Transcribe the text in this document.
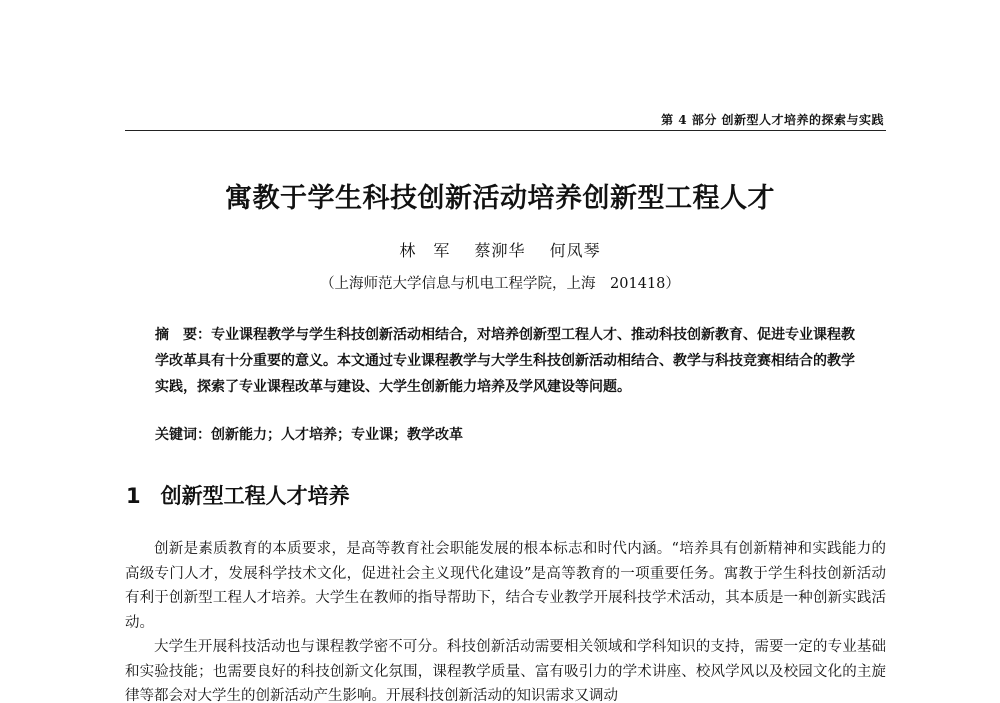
第 4 部分 创新型人才培养的探索与实践
寓教于学生科技创新活动培养创新型工程人才
林　军 蔡泖华 何凤琴
（上海师范大学信息与机电工程学院，上海　201418）
摘　要：专业课程教学与学生科技创新活动相结合，对培养创新型工程人才、推动科技创新教育、促进专业课程教学改革具有十分重要的意义。本文通过专业课程教学与大学生科技创新活动相结合、教学与科技竞赛相结合的教学实践，探索了专业课程改革与建设、大学生创新能力培养及学风建设等问题。
关键词：创新能力；人才培养；专业课；教学改革
1 创新型工程人才培养

创新是素质教育的本质要求，是高等教育社会职能发展的根本标志和时代内涵。“培养具有创新精神和实践能力的高级专门人才，发展科学技术文化，促进社会主义现代化建设”是高等教育的一项重要任务。寓教于学生科技创新活动有利于创新型工程人才培养。大学生在教师的指导帮助下，结合专业教学开展科技学术活动，其本质是一种创新实践活动。

大学生开展科技活动也与课程教学密不可分。科技创新活动需要相关领域和学科知识的支持，需要一定的专业基础和实验技能；也需要良好的科技创新文化氛围，课程教学质量、富有吸引力的学术讲座、校风学风以及校园文化的主旋律等都会对大学生的创新活动产生影响。开展科技创新活动的知识需求又调动
